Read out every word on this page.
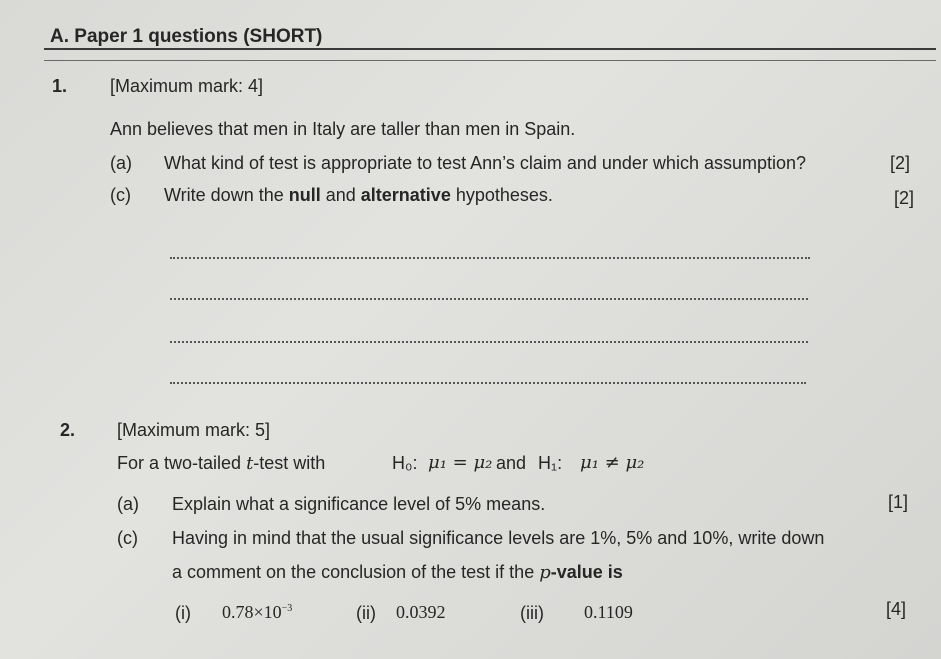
A. Paper 1 questions (SHORT)
1. [Maximum mark: 4]
Ann believes that men in Italy are taller than men in Spain.
(a) What kind of test is appropriate to test Ann’s claim and under which assumption?	[2]
(c) Write down the null and alternative hypotheses.	[2]
2. [Maximum mark: 5]
For a two-tailed t-test with	H₀: μ₁ = μ₂ and H₁: μ₁ ≠ μ₂
(a) Explain what a significance level of 5% means.	[1]
(c) Having in mind that the usual significance levels are 1%, 5% and 10%, write down
a comment on the conclusion of the test if the p-value is
(i) $0.78\times 10^{-3}$	(ii) 0.0392	(iii) 0.1109	[4]
